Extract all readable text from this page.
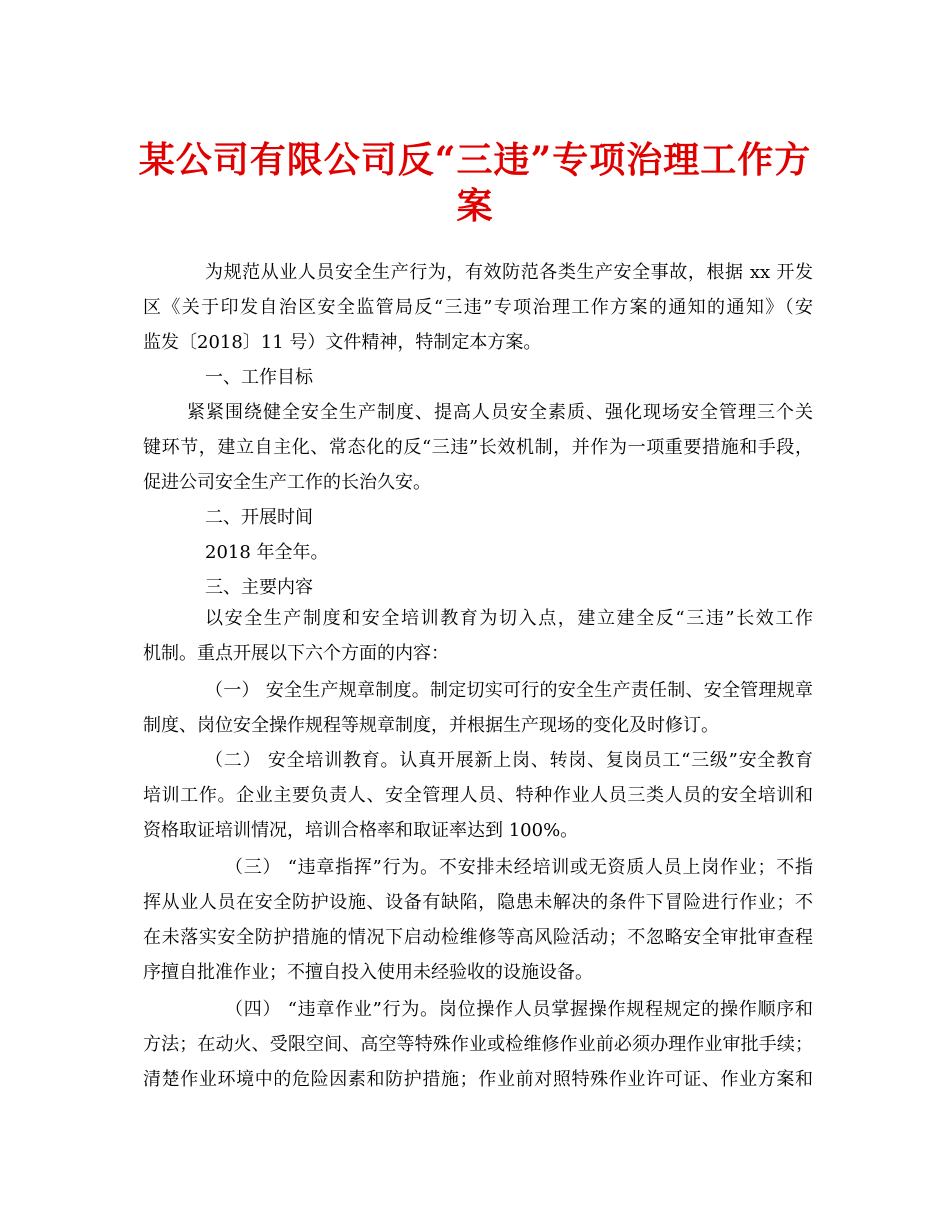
某公司有限公司反“三违”专项治理工作方
案
为规范从业人员安全生产行为，有效防范各类生产安全事故，根据 xx 开发
区《关于印发自治区安全监管局反“三违”专项治理工作方案的通知的通知》（安
监发〔2018〕11 号）文件精神，特制定本方案。
一、工作目标
紧紧围绕健全安全生产制度、提高人员安全素质、强化现场安全管理三个关
键环节，建立自主化、常态化的反“三违”长效机制，并作为一项重要措施和手段，
促进公司安全生产工作的长治久安。
二、开展时间
2018 年全年。
三、主要内容
以安全生产制度和安全培训教育为切入点，建立建全反“三违”长效工作
机制。重点开展以下六个方面的内容：
（一） 安全生产规章制度。制定切实可行的安全生产责任制、安全管理规章
制度、岗位安全操作规程等规章制度，并根据生产现场的变化及时修订。
（二） 安全培训教育。认真开展新上岗、转岗、复岗员工“三级”安全教育
培训工作。企业主要负责人、安全管理人员、特种作业人员三类人员的安全培训和
资格取证培训情况，培训合格率和取证率达到 100%。
（三） “违章指挥”行为。不安排未经培训或无资质人员上岗作业；不指
挥从业人员在安全防护设施、设备有缺陷，隐患未解决的条件下冒险进行作业；不
在未落实安全防护措施的情况下启动检维修等高风险活动；不忽略安全审批审查程
序擅自批准作业；不擅自投入使用未经验收的设施设备。
（四） “违章作业”行为。岗位操作人员掌握操作规程规定的操作顺序和
方法；在动火、受限空间、高空等特殊作业或检维修作业前必须办理作业审批手续；
清楚作业环境中的危险因素和防护措施；作业前对照特殊作业许可证、作业方案和
